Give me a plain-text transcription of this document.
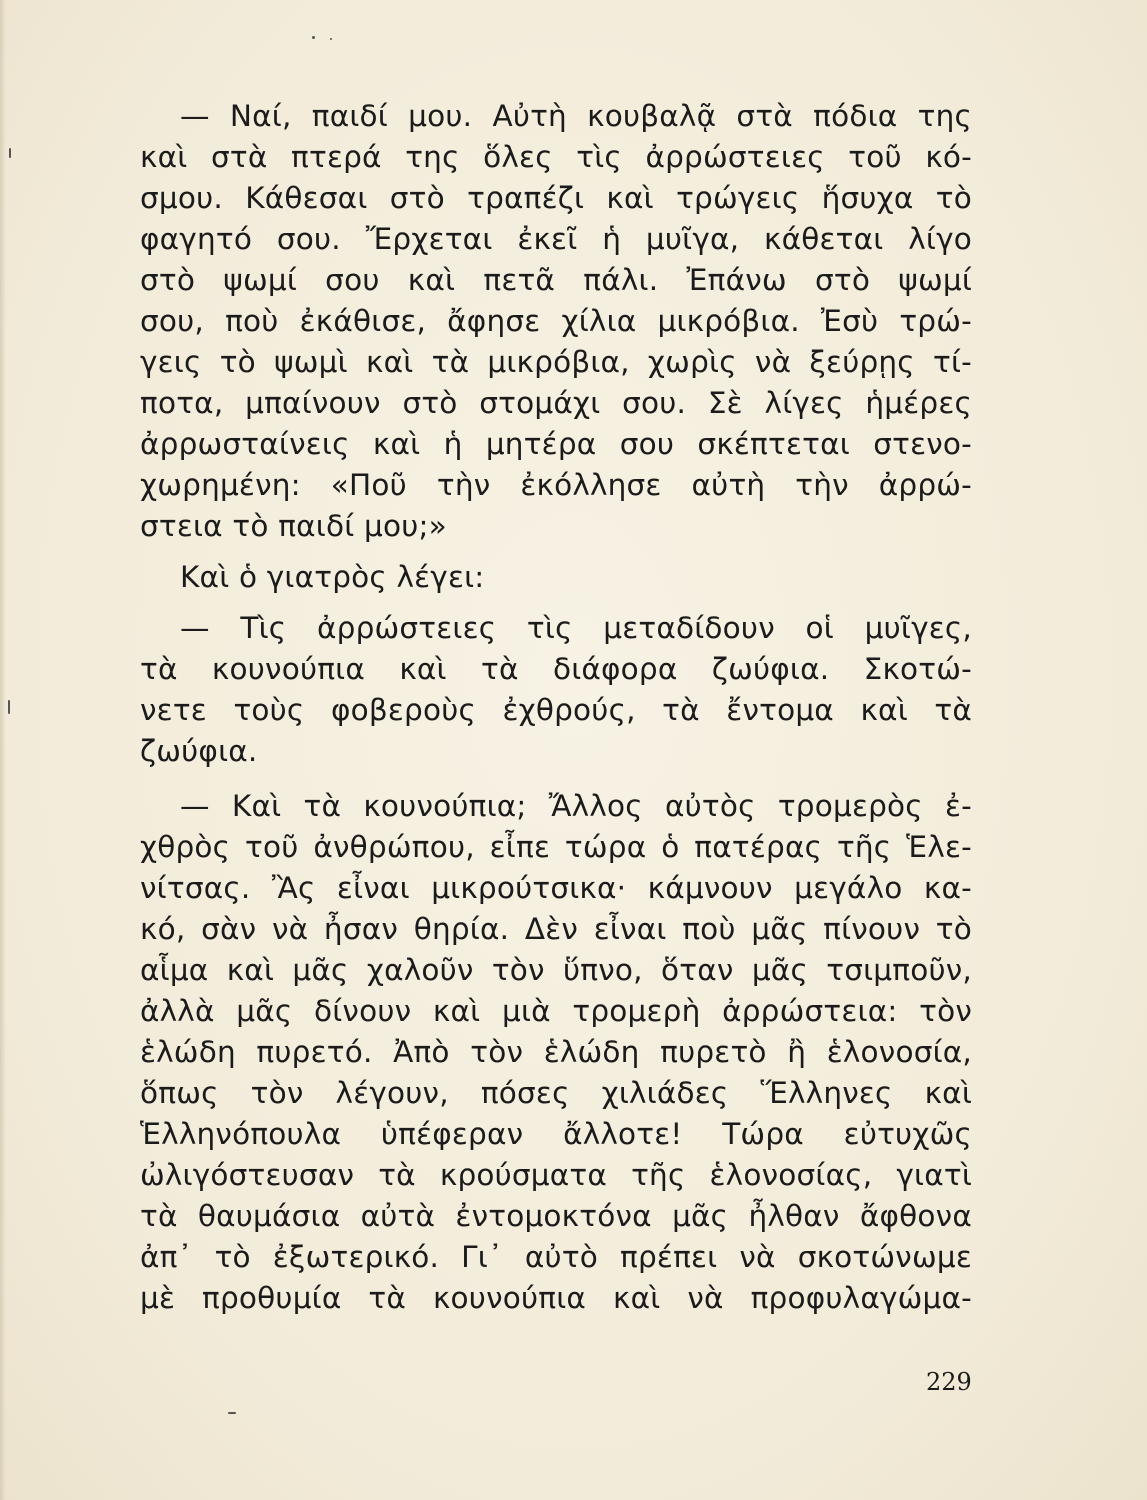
— Ναί, παιδί μου. Αὐτὴ κουβαλᾷ στὰ πόδια της
καὶ στὰ πτερά της ὅλες τὶς ἀρρώστειες τοῦ κό-
σμου. Κάθεσαι στὸ τραπέζι καὶ τρώγεις ἥσυχα τὸ
φαγητό σου. Ἔρχεται ἐκεῖ ἡ μυῖγα, κάθεται λίγο
στὸ ψωμί σου καὶ πετᾶ πάλι. Ἐπάνω στὸ ψωμί
σου, ποὺ ἐκάθισε, ἄφησε χίλια μικρόβια. Ἐσὺ τρώ-
γεις τὸ ψωμὶ καὶ τὰ μικρόβια, χωρὶς νὰ ξεύρῃς τί-
ποτα, μπαίνουν στὸ στομάχι σου. Σὲ λίγες ἡμέρες
ἀρρωσταίνεις καὶ ἡ μητέρα σου σκέπτεται στενο-
χωρημένη: «Ποῦ τὴν ἐκόλλησε αὐτὴ τὴν ἀρρώ-
στεια τὸ παιδί μου;»
Καὶ ὁ γιατρὸς λέγει:
— Τὶς ἀρρώστειες τὶς μεταδίδουν οἱ μυῖγες,
τὰ κουνούπια καὶ τὰ διάφορα ζωύφια. Σκοτώ-
νετε τοὺς φοβεροὺς ἐχθρούς, τὰ ἔντομα καὶ τὰ
ζωύφια.
— Καὶ τὰ κουνούπια; Ἄλλος αὐτὸς τρομερὸς ἐ-
χθρὸς τοῦ ἀνθρώπου, εἶπε τώρα ὁ πατέρας τῆς Ἑλε-
νίτσας. Ἂς εἶναι μικρούτσικα· κάμνουν μεγάλο κα-
κό, σὰν νὰ ἦσαν θηρία. Δὲν εἶναι ποὺ μᾶς πίνουν τὸ
αἷμα καὶ μᾶς χαλοῦν τὸν ὕπνο, ὅταν μᾶς τσιμποῦν,
ἀλλὰ μᾶς δίνουν καὶ μιὰ τρομερὴ ἀρρώστεια: τὸν
ἑλώδη πυρετό. Ἀπὸ τὸν ἑλώδη πυρετὸ ἢ ἑλονοσία,
ὅπως τὸν λέγουν, πόσες χιλιάδες Ἕλληνες καὶ
Ἑλληνόπουλα ὑπέφεραν ἄλλοτε! Τώρα εὐτυχῶς
ὠλιγόστευσαν τὰ κρούσματα τῆς ἑλονοσίας, γιατὶ
τὰ θαυμάσια αὐτὰ ἐντομοκτόνα μᾶς ἦλθαν ἄφθονα
ἀπ᾽ τὸ ἐξωτερικό. Γι᾽ αὐτὸ πρέπει νὰ σκοτώνωμε
μὲ προθυμία τὰ κουνούπια καὶ νὰ προφυλαγώμα-
229
